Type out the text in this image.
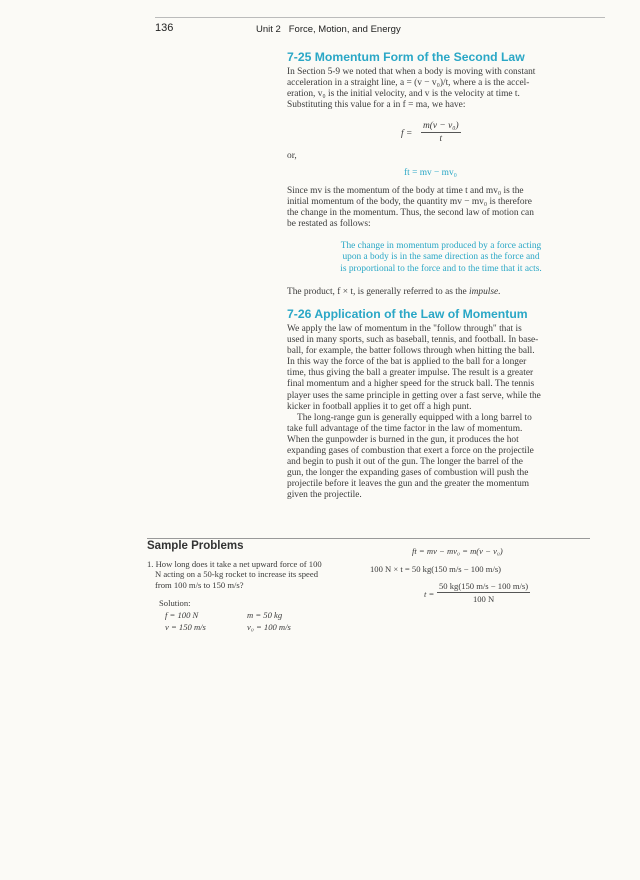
136	Unit 2 Force, Motion, and Energy
7-25 Momentum Form of the Second Law

In Section 5-9 we noted that when a body is moving with constant
acceleration in a straight line, a = (v − v₀)/t, where a is the accel-
eration, v₀ is the initial velocity, and v is the velocity at time t.
Substituting this value for a in f = ma, we have:

$f = \frac{\text{m(v − v₀)}}{t}$
or,
ft = mv − mv₀

Since mv is the momentum of the body at time t and mv₀ is the
initial momentum of the body, the quantity mv − mv₀ is therefore
the change in the momentum. Thus, the second law of motion can
be restated as follows:

The change in momentum produced by a force acting
upon a body is in the same direction as the force and
is proportional to the force and to the time that it acts.

The product, f × t, is generally referred to as the impulse.

7-26 Application of the Law of Momentum

We apply the law of momentum in the "follow through" that is
used in many sports, such as baseball, tennis, and football. In base-
ball, for example, the batter follows through when hitting the ball.
In this way the force of the bat is applied to the ball for a longer
time, thus giving the ball a greater impulse. The result is a greater
final momentum and a higher speed for the struck ball. The tennis
player uses the same principle in getting over a fast serve, while the
kicker in football applies it to get off a high punt.

The long-range gun is generally equipped with a long barrel to
take full advantage of the time factor in the law of momentum.
When the gunpowder is burned in the gun, it produces the hot
expanding gases of combustion that exert a force on the projectile
and begin to push it out of the gun. The longer the barrel of the
gun, the longer the expanding gases of combustion will push the
projectile before it leaves the gun and the greater the momentum
given the projectile.

Sample Problems

1. How long does it take a net upward force of 100
N acting on a 50-kg rocket to increase its speed
from 100 m/s to 150 m/s?

Solution:
f = 100 N	m = 50 kg
v = 150 m/s	v₀ = 100 m/s
ft = mv − mv₀ = m(v − v₀)
100 N × t = 50 kg(150 m/s − 100 m/s)
$t = \frac{50 kg(150 m/s - 100 m/s)}{100 N}$
